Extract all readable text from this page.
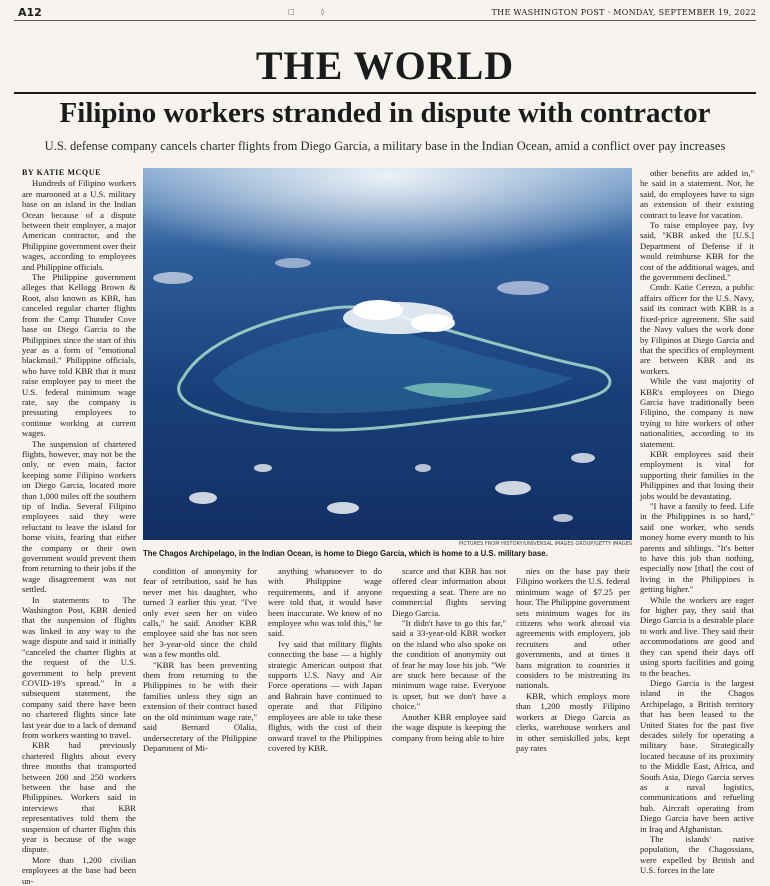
A12	□ ◊	THE WASHINGTON POST · MONDAY, SEPTEMBER 19, 2022
THE WORLD
Filipino workers stranded in dispute with contractor
U.S. defense company cancels charter flights from Diego Garcia, a military base in the Indian Ocean, amid a conflict over pay increases

BY KATIE MCQUE

Hundreds of Filipino workers are marooned at a U.S. military base on an island in the Indian Ocean because of a dispute between their employer, a major American contractor, and the Philippine government over their wages, according to employees and Philippine officials.

The Philippine government alleges that Kellogg Brown & Root, also known as KBR, has canceled regular charter flights from the Camp Thunder Cove base on Diego Garcia to the Philippines since the start of this year as a form of "emotional blackmail." Philippine officials, who have told KBR that it must raise employee pay to meet the U.S. federal minimum wage rate, say the company is pressuring employees to continue working at current wages.

The suspension of chartered flights, however, may not be the only, or even main, factor keeping some Filipino workers on Diego Garcia, located more than 1,000 miles off the southern tip of India. Several Filipino employees said they were reluctant to leave the island for home visits, fearing that either the company or their own government would prevent them from returning to their jobs if the wage disagreement was not settled.

In statements to The Washington Post, KBR denied that the suspension of flights was linked in any way to the wage dispute and said it initially "canceled the charter flights at the request of the U.S. government to help prevent COVID-19's spread." In a subsequent statement, the company said there have been no chartered flights since late last year due to a lack of demand from workers wanting to travel.

KBR had previously chartered flights about every three months that transported between 200 and 250 workers between the base and the Philippines. Workers said in interviews that KBR representatives told them the suspension of charter flights this year is because of the wage dispute.

More than 1,200 civilian employees at the base had been un-

PICTURES FROM HISTORY/UNIVERSAL IMAGES GROUP/GETTY IMAGES
The Chagos Archipelago, in the Indian Ocean, is home to Diego Garcia, which is home to a U.S. military base.

condition of anonymity for fear of retribution, said he has never met his daughter, who turned 3 earlier this year. "I've only ever seen her on video calls," he said. Another KBR employee said she has not seen her 3-year-old since the child was a few months old.

"KBR has been preventing them from returning to the Philippines to be with their families unless they sign an extension of their contract based on the old minimum wage rate," said Bernard Olalia, undersecretary of the Philippine Department of Mi-

anything whatsoever to do with Philippine wage requirements, and if anyone were told that, it would have been inaccurate. We know of no employee who was told this," he said.

Ivy said that military flights connecting the base — a highly strategic American outpost that supports U.S. Navy and Air Force operations — with Japan and Bahrain have continued to operate and that Filipino employees are able to take these flights, with the cost of their onward travel to the Philippines covered by KBR.

scarce and that KBR has not offered clear information about requesting a seat. There are no commercial flights serving Diego Garcia.

"It didn't have to go this far," said a 33-year-old KBR worker on the island who also spoke on the condition of anonymity out of fear he may lose his job. "We are stuck here because of the minimum wage raise. Everyone is upset, but we don't have a choice."

Another KBR employee said the wage dispute is keeping the company from being able to hire

nies on the base pay their Filipino workers the U.S. federal minimum wage of $7.25 per hour. The Philippine government sets minimum wages for its citizens who work abroad via agreements with employers, job recruiters and other governments, and at times it bans migration to countries it considers to be mistreating its nationals.

KBR, which employs more than 1,200 mostly Filipino workers at Diego Garcia as clerks, warehouse workers and in other semiskilled jobs, kept pay rates

other benefits are added in," he said in a statement. Nor, he said, do employees have to sign an extension of their existing contract to leave for vacation.

To raise employee pay, Ivy said, "KBR asked the [U.S.] Department of Defense if it would reimburse KBR for the cost of the additional wages, and the government declined."

Cmdr. Katie Cerezo, a public affairs officer for the U.S. Navy, said its contract with KBR is a fixed-price agreement. She said the Navy values the work done by Filipinos at Diego Garcia and that the specifics of employment are between KBR and its workers.

While the vast majority of KBR's employees on Diego Garcia have traditionally been Filipino, the company is now trying to hire workers of other nationalities, according to its statement.

KBR employees said their employment is vital for supporting their families in the Philippines and that losing their jobs would be devastating.

"I have a family to feed. Life in the Philippines is so hard," said one worker, who sends money home every month to his parents and siblings. "It's better to have this job than nothing, especially now [that] the cost of living in the Philippines is getting higher."

While the workers are eager for higher pay, they said that Diego Garcia is a desirable place to work and live. They said their accommodations are good and they can spend their days off using sports facilities and going to the beaches.

Diego Garcia is the largest island in the Chagos Archipelago, a British territory that has been leased to the United States for the past five decades solely for operating a military base. Strategically located because of its proximity to the Middle East, Africa, and South Asia, Diego Garcia serves as a naval logistics, communications and refueling hub. Aircraft operating from Diego Garcia have been active in Iraq and Afghanistan.

The islands' native population, the Chagossians, were expelled by British and U.S. forces in the late
